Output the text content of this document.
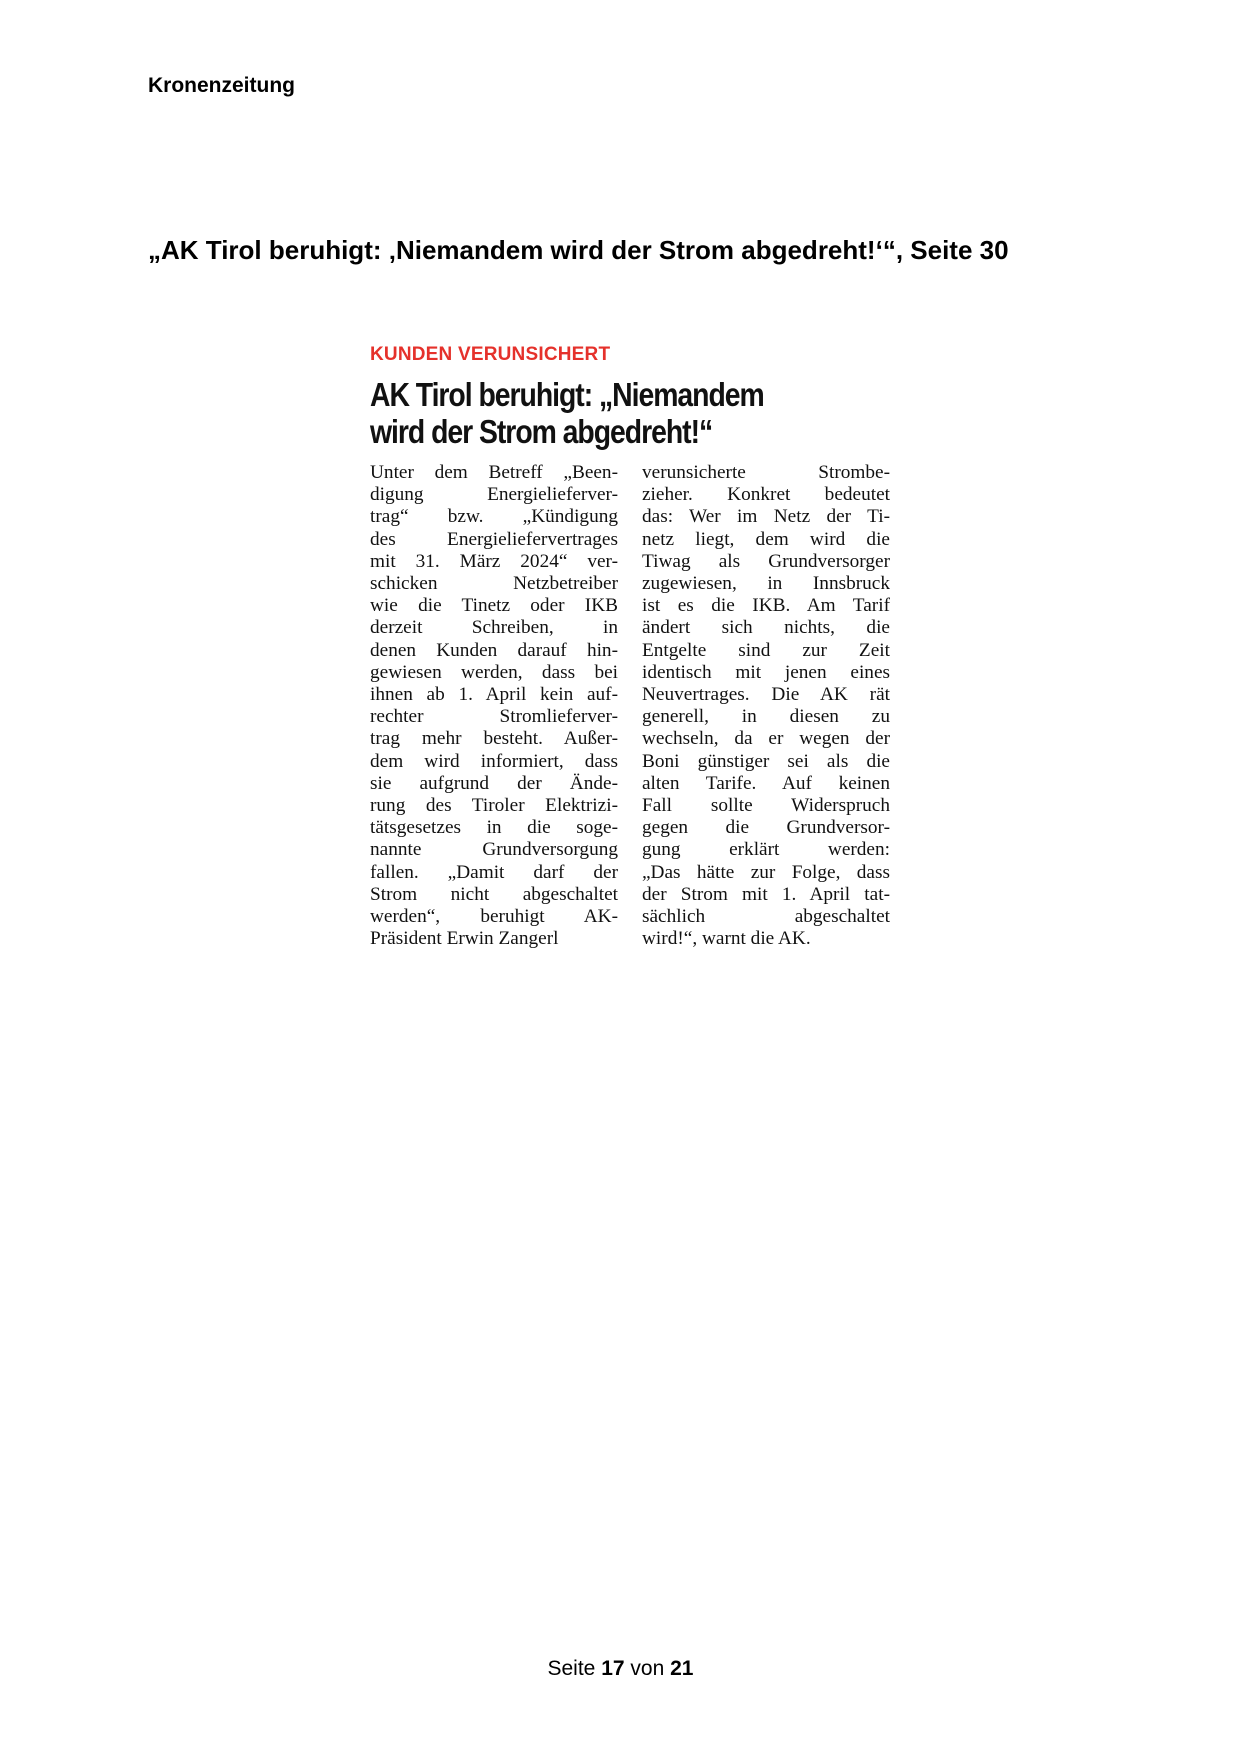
Kronenzeitung

„AK Tirol beruhigt: ‚Niemandem wird der Strom abgedreht!‘“, Seite 30

KUNDEN VERUNSICHERT

AK Tirol beruhigt: „Niemandem
wird der Strom abgedreht!“
Unter dem Betreff „Been-
digung Energielieferver-
trag“ bzw. „Kündigung
des Energieliefervertrages
mit 31. März 2024“ ver-
schicken Netzbetreiber
wie die Tinetz oder IKB
derzeit Schreiben, in
denen Kunden darauf hin-
gewiesen werden, dass bei
ihnen ab 1. April kein auf-
rechter Stromlieferver-
trag mehr besteht. Außer-
dem wird informiert, dass
sie aufgrund der Ände-
rung des Tiroler Elektrizi-
tätsgesetzes in die soge-
nannte Grundversorgung
fallen. „Damit darf der
Strom nicht abgeschaltet
werden“, beruhigt AK-
Präsident Erwin Zangerl
verunsicherte Strombe-
zieher. Konkret bedeutet
das: Wer im Netz der Ti-
netz liegt, dem wird die
Tiwag als Grundversorger
zugewiesen, in Innsbruck
ist es die IKB. Am Tarif
ändert sich nichts, die
Entgelte sind zur Zeit
identisch mit jenen eines
Neuvertrages. Die AK rät
generell, in diesen zu
wechseln, da er wegen der
Boni günstiger sei als die
alten Tarife. Auf keinen
Fall sollte Widerspruch
gegen die Grundversor-
gung erklärt werden:
„Das hätte zur Folge, dass
der Strom mit 1. April tat-
sächlich abgeschaltet
wird!“, warnt die AK.

Seite 17 von 21
